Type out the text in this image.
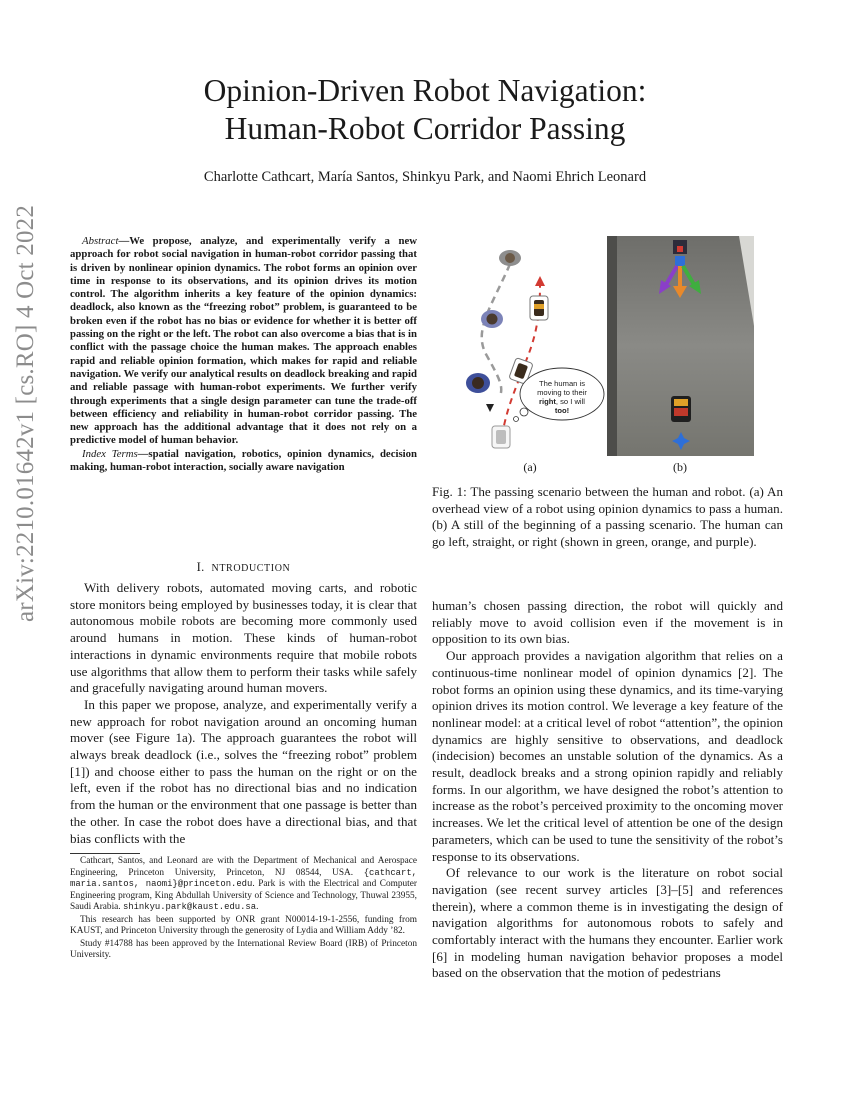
Opinion-Driven Robot Navigation:
Human-Robot Corridor Passing
Charlotte Cathcart, María Santos, Shinkyu Park, and Naomi Ehrich Leonard
arXiv:2210.01642v1 [cs.RO] 4 Oct 2022	Abstract—We propose, analyze, and experimentally verify a new approach for robot social navigation in human-robot corridor passing that is driven by nonlinear opinion dynamics. The robot forms an opinion over time in response to its observations, and its opinion drives its motion control. The algorithm inherits a key feature of the opinion dynamics: deadlock, also known as the “freezing robot” problem, is guaranteed to be broken even if the robot has no bias or evidence for whether it is better off passing on the right or the left. The robot can also overcome a bias that is in conflict with the passage choice the human makes. The approach enables rapid and reliable opinion formation, which makes for rapid and reliable navigation. We verify our analytical results on deadlock breaking and rapid and reliable passage with human-robot experiments. We further verify through experiments that a single design parameter can tune the trade-off between efficiency and reliability in human-robot corridor passing. The new approach has the additional advantage that it does not rely on a predictive model of human behavior.

Index Terms—spatial navigation, robotics, opinion dynamics, decision making, human-robot interaction, socially aware navigation

I.  NTRODUCTION

With delivery robots, automated moving carts, and robotic store monitors being employed by businesses today, it is clear that autonomous mobile robots are becoming more commonly used around humans in motion. These kinds of human-robot interactions in dynamic environments require that mobile robots use algorithms that allow them to perform their tasks while safely and gracefully navigating around human movers.

In this paper we propose, analyze, and experimentally verify a new approach for robot navigation around an oncoming human mover (see Figure 1a). The approach guarantees the robot will always break deadlock (i.e., solves the “freezing robot” problem [1]) and choose either to pass the human on the right or on the left, even if the robot has no directional bias and no indication from the human or the environment that one passage is better than the other. In case the robot does have a directional bias, and that bias conflicts with the

Cathcart, Santos, and Leonard are with the Department of Mechanical and Aerospace Engineering, Princeton University, Princeton, NJ 08544, USA. {cathcart, maria.santos, naomi}@princeton.edu. Park is with the Electrical and Computer Engineering program, King Abdullah University of Science and Technology, Thuwal 23955, Saudi Arabia. shinkyu.park@kaust.edu.sa.

This research has been supported by ONR grant N00014-19-1-2556, funding from KAUST, and Princeton University through the generosity of Lydia and William Addy ’82.

Study #14788 has been approved by the International Review Board (IRB) of Princeton University.

The human is
moving to their
right, so I will
too!
(a)	(b)
Fig. 1: The passing scenario between the human and robot. (a) An overhead view of a robot using opinion dynamics to pass a human. (b) A still of the beginning of a passing scenario. The human can go left, straight, or right (shown in green, orange, and purple).

human’s chosen passing direction, the robot will quickly and reliably move to avoid collision even if the movement is in opposition to its own bias.

Our approach provides a navigation algorithm that relies on a continuous-time nonlinear model of opinion dynamics [2]. The robot forms an opinion using these dynamics, and its time-varying opinion drives its motion control. We leverage a key feature of the nonlinear model: at a critical level of robot “attention”, the opinion dynamics are highly sensitive to observations, and deadlock (indecision) becomes an unstable solution of the dynamics. As a result, deadlock breaks and a strong opinion rapidly and reliably forms. In our algorithm, we have designed the robot’s attention to increase as the robot’s perceived proximity to the oncoming mover increases. We let the critical level of attention be one of the design parameters, which can be used to tune the sensitivity of the robot’s response to its observations.

Of relevance to our work is the literature on robot social navigation (see recent survey articles [3]–[5] and references therein), where a common theme is in investigating the design of navigation algorithms for autonomous robots to safely and comfortably interact with the humans they encounter. Earlier work [6] in modeling human navigation behavior proposes a model based on the observation that the motion of pedestrians
